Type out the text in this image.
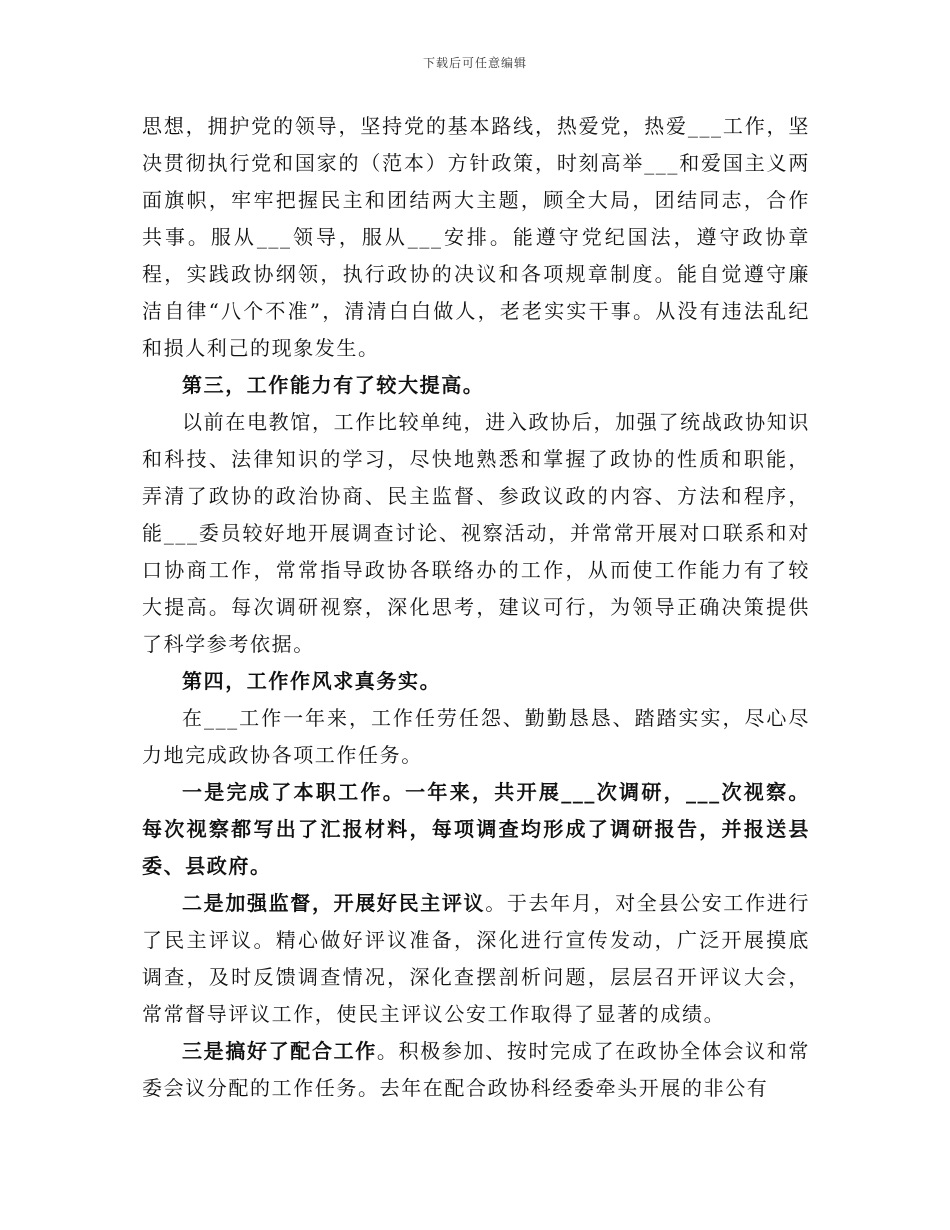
下载后可任意编辑

思想，拥护党的领导，坚持党的基本路线，热爱党，热爱___工作，坚决贯彻执行党和国家的（范本）方针政策，时刻高举___和爱国主义两面旗帜，牢牢把握民主和团结两大主题，顾全大局，团结同志，合作共事。服从___领导，服从___安排。能遵守党纪国法，遵守政协章程，实践政协纲领，执行政协的决议和各项规章制度。能自觉遵守廉洁自律“八个不准”，清清白白做人，老老实实干事。从没有违法乱纪和损人利己的现象发生。

第三，工作能力有了较大提高。

以前在电教馆，工作比较单纯，进入政协后，加强了统战政协知识和科技、法律知识的学习，尽快地熟悉和掌握了政协的性质和职能，弄清了政协的政治协商、民主监督、参政议政的内容、方法和程序，能___委员较好地开展调查讨论、视察活动，并常常开展对口联系和对口协商工作，常常指导政协各联络办的工作，从而使工作能力有了较大提高。每次调研视察，深化思考，建议可行，为领导正确决策提供了科学参考依据。

第四，工作作风求真务实。

在___工作一年来，工作任劳任怨、勤勤恳恳、踏踏实实，尽心尽力地完成政协各项工作任务。

一是完成了本职工作。一年来，共开展___次调研，___次视察。每次视察都写出了汇报材料，每项调查均形成了调研报告，并报送县委、县政府。

二是加强监督，开展好民主评议。于去年月，对全县公安工作进行了民主评议。精心做好评议准备，深化进行宣传发动，广泛开展摸底调查，及时反馈调查情况，深化查摆剖析问题，层层召开评议大会，常常督导评议工作，使民主评议公安工作取得了显著的成绩。

三是搞好了配合工作。积极参加、按时完成了在政协全体会议和常委会议分配的工作任务。去年在配合政协科经委牵头开展的非公有
